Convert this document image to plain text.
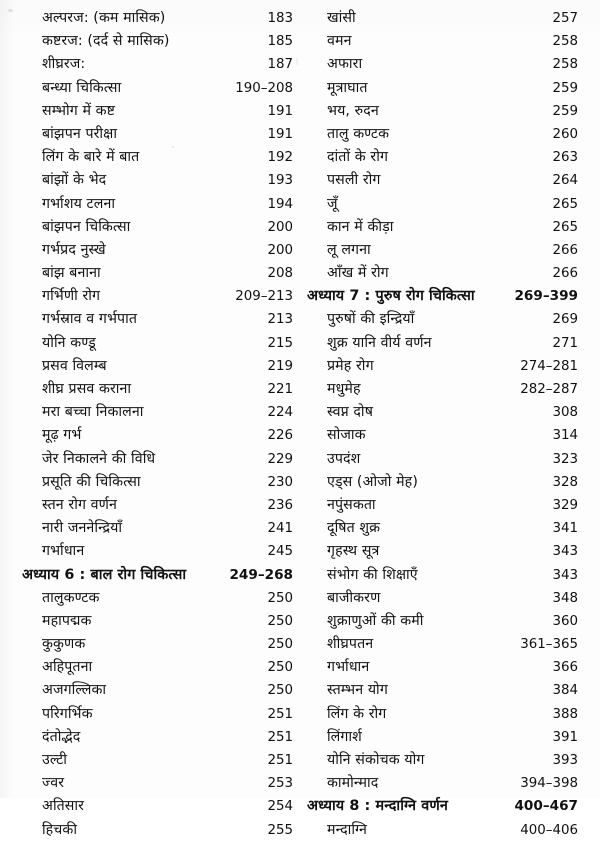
अल्परज: (कम मासिक)	183
कष्टरज: (दर्द से मासिक)	185
शीघ्ररज:	187
बन्ध्या चिकित्सा	190–208
सम्भोग में कष्ट	191
बांझपन परीक्षा	191
लिंग के बारे में बात	192
बांझों के भेद	193
गर्भाशय टलना	194
बांझपन चिकित्सा	200
गर्भप्रद नुस्खे	200
बांझ बनाना	208
गर्भिणी रोग	209–213
गर्भस्राव व गर्भपात	213
योनि कण्डू	215
प्रसव विलम्ब	219
शीघ्र प्रसव कराना	221
मरा बच्चा निकालना	224
मूढ़ गर्भ	226
जेर निकालने की विधि	229
प्रसूति की चिकित्सा	230
स्तन रोग वर्णन	236
नारी जननेन्द्रियाँ	241
गर्भाधान	245
अध्याय 6 : बाल रोग चिकित्सा	249–268
तालुकण्टक	250
महापद्मक	250
कुकुणक	250
अहिपूतना	250
अजगल्लिका	250
परिगर्भिक	251
दंतोद्भेद	251
उल्टी	251
ज्वर	253
अतिसार	254
हिचकी	255
खांसी	257
वमन	258
अफारा	258
मूत्राघात	259
भय, रुदन	259
तालु कण्टक	260
दांतों के रोग	263
पसली रोग	264
जूँ	265
कान में कीड़ा	265
लू लगना	266
आँख में रोग	266
अध्याय 7 : पुरुष रोग चिकित्सा	269–399
पुरुषों की इन्द्रियाँ	269
शुक्र यानि वीर्य वर्णन	271
प्रमेह रोग	274–281
मधुमेह	282–287
स्वप्न दोष	308
सोजाक	314
उपदंश	323
एड्स (ओजो मेह)	328
नपुंसकता	329
दूषित शुक्र	341
गृहस्थ सूत्र	343
संभोग की शिक्षाएँ	343
बाजीकरण	348
शुक्राणुओं की कमी	360
शीघ्रपतन	361–365
गर्भाधान	366
स्तम्भन योग	384
लिंग के रोग	388
लिंगार्श	391
योनि संकोचक योग	393
कामोन्माद	394–398
अध्याय 8 : मन्दाग्नि वर्णन	400–467
मन्दाग्नि	400–406
